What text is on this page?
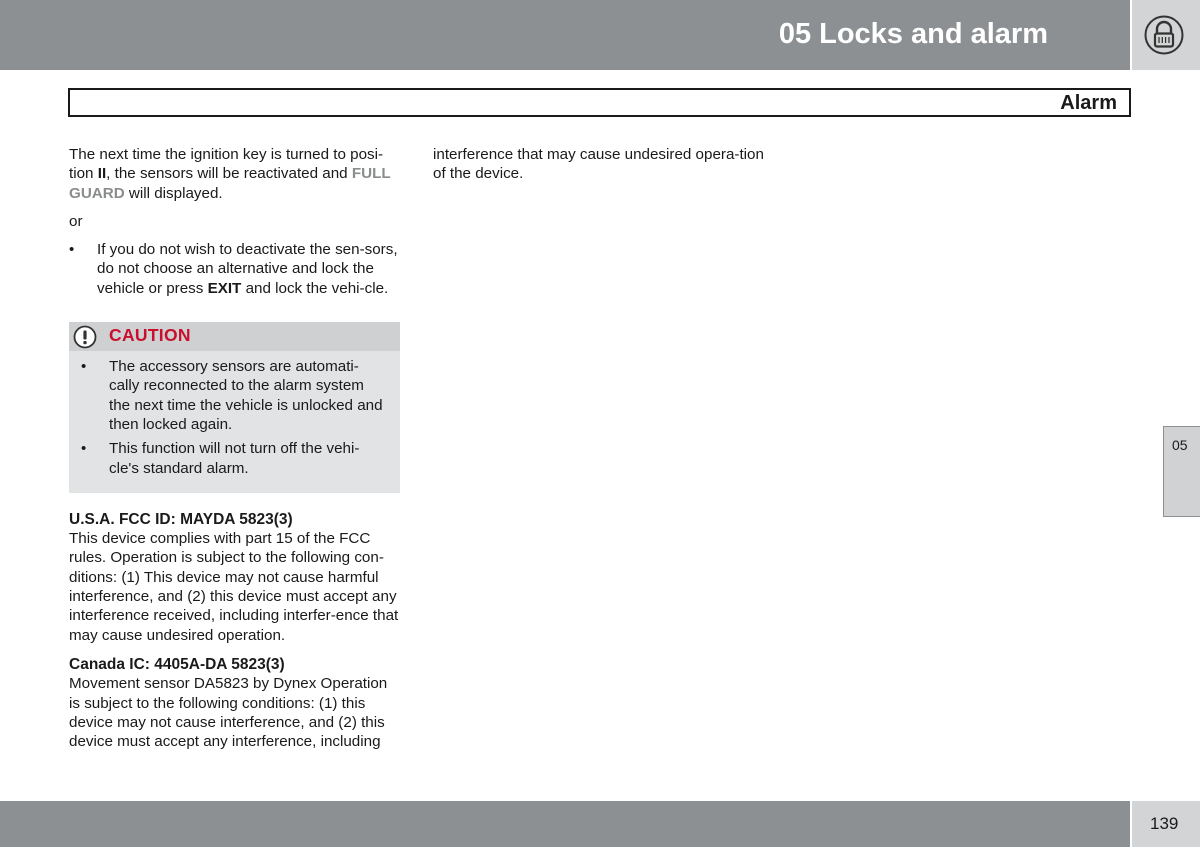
05 Locks and alarm
Alarm

The next time the ignition key is turned to posi-tion II, the sensors will be reactivated and FULL GUARD will displayed.

or

• If you do not wish to deactivate the sen-sors, do not choose an alternative and lock the vehicle or press EXIT and lock the vehi-cle.
CAUTION
• The accessory sensors are automati-cally reconnected to the alarm system the next time the vehicle is unlocked and then locked again.
• This function will not turn off the vehi-cle's standard alarm.

U.S.A. FCC ID: MAYDA 5823(3)

This device complies with part 15 of the FCC rules. Operation is subject to the following con-ditions: (1) This device may not cause harmful interference, and (2) this device must accept any interference received, including interfer-ence that may cause undesired operation.

Canada IC: 4405A-DA 5823(3)

Movement sensor DA5823 by Dynex Operation is subject to the following conditions: (1) this device may not cause interference, and (2) this device must accept any interference, including

interference that may cause undesired opera-tion of the device.

05
139
